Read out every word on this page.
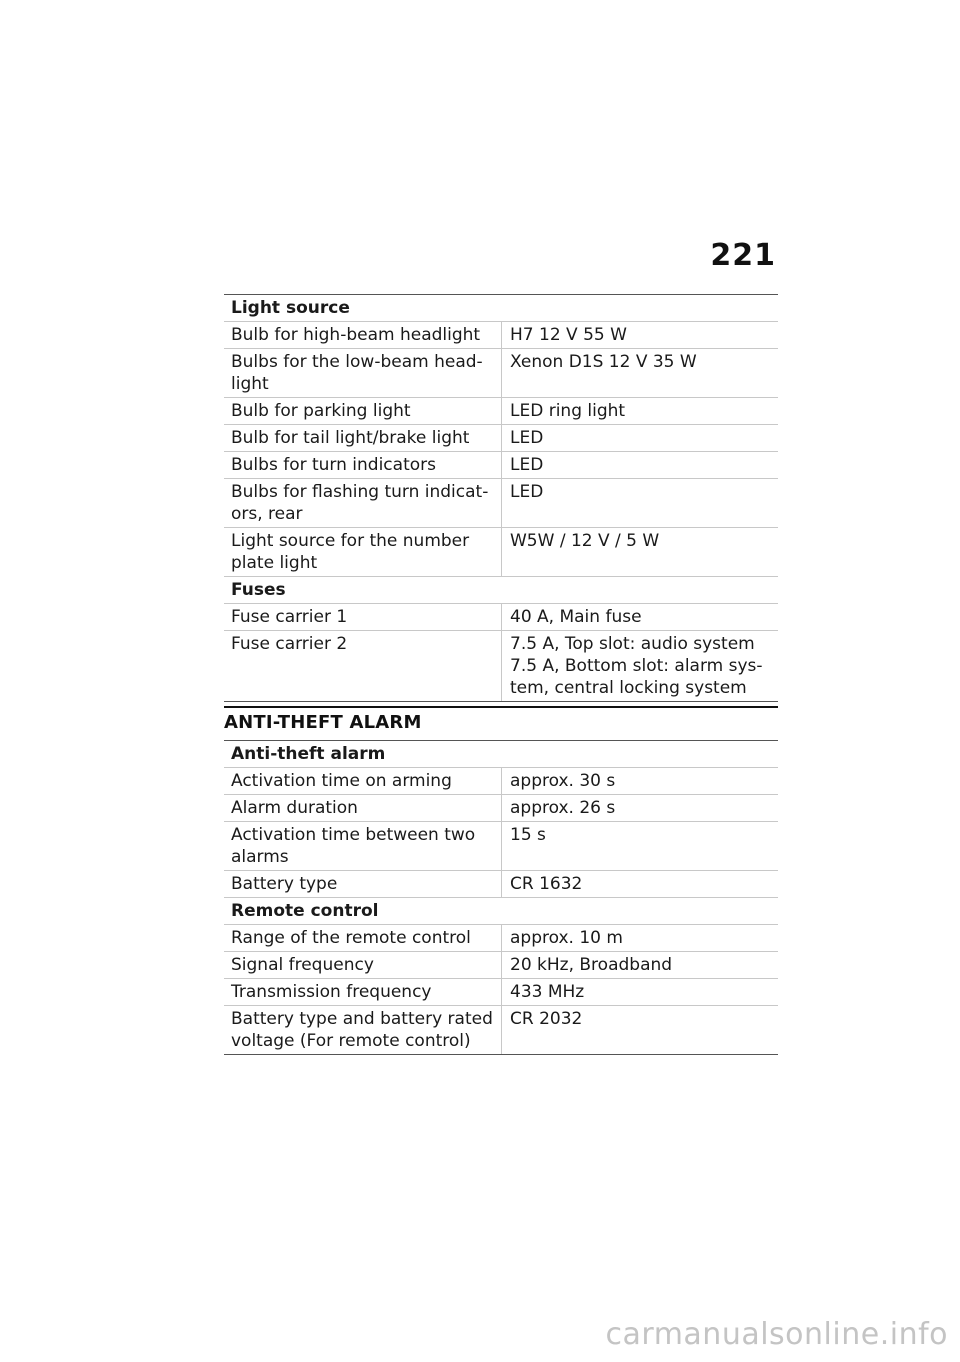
221
Light source	

Bulb for high-beam headlight	H7 12 V 55 W

Bulbs for the low-beam head-
light	Xenon D1S 12 V 35 W

Bulb for parking light	LED ring light

Bulb for tail light/brake light	LED

Bulbs for turn indicators	LED

Bulbs for flashing turn indicat-
ors, rear	LED

Light source for the number
plate light	W5W / 12 V / 5 W

Fuses	

Fuse carrier 1	40 A, Main fuse

Fuse carrier 2	7.5 A, Top slot: audio system
7.5 A, Bottom slot: alarm sys-
tem, central locking system
ANTI-THEFT ALARM
Anti-theft alarm	

Activation time on arming	approx. 30 s

Alarm duration	approx. 26 s

Activation time between two
alarms	15 s

Battery type	CR 1632

Remote control	

Range of the remote control	approx. 10 m

Signal frequency	20 kHz, Broadband

Transmission frequency	433 MHz

Battery type and battery rated
voltage (For remote control)	CR 2032
carmanualsonline.info
